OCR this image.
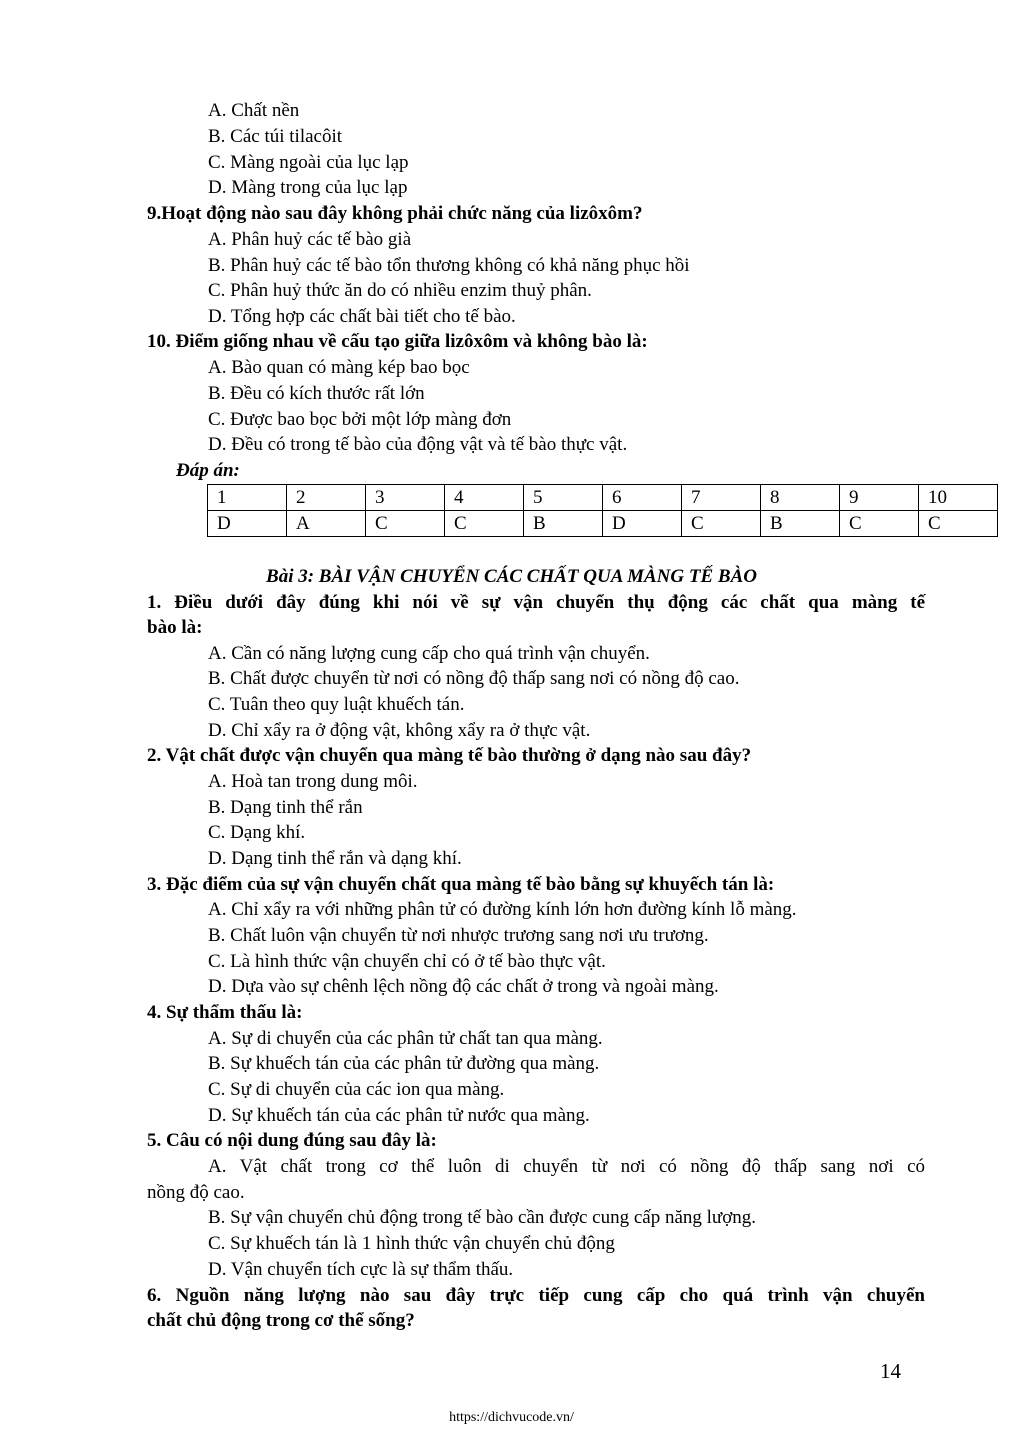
A. Chất nền
B. Các túi tilacôit
C. Màng ngoài của lục lạp
D. Màng trong của lục lạp
9.Hoạt động nào sau đây không phải chức năng của lizôxôm?
A. Phân huỷ các tế bào già
B. Phân huỷ các tế bào tổn thương không có khả năng phục hồi
C. Phân huỷ thức ăn do có nhiều enzim thuỷ phân.
D. Tổng hợp các chất bài tiết cho tế bào.
10. Điểm giống nhau về cấu tạo giữa lizôxôm và không bào là:
A. Bào quan có màng kép bao bọc
B. Đều có kích thước rất lớn
C. Được bao bọc bởi một lớp màng đơn
D. Đều có trong tế bào của động vật và tế bào thực vật.
Đáp án:
1	2	3	4	5	6	7	8	9	10
D	A	C	C	B	D	C	B	C	C
Bài 3: BÀI VẬN CHUYỂN CÁC CHẤT QUA MÀNG TẾ BÀO
1. Điều dưới đây đúng khi nói về sự vận chuyển thụ động các chất qua màng tế
bào là:
A. Cần có năng lượng cung cấp cho quá trình vận chuyển.
B. Chất được chuyển từ nơi có nồng độ thấp sang nơi có nồng độ cao.
C. Tuân theo quy luật khuếch tán.
D. Chỉ xẩy ra ở động vật, không xẩy ra ở thực vật.
2. Vật chất được vận chuyển qua màng tế bào thường ở dạng nào sau đây?
A. Hoà tan trong dung môi.
B. Dạng tinh thể rắn
C. Dạng khí.
D. Dạng tinh thể rắn và dạng khí.
3. Đặc điểm của sự vận chuyển chất qua màng tế bào bằng sự khuyếch tán là:
A. Chỉ xẩy ra với những phân tử có đường kính lớn hơn đường kính lỗ màng.
B. Chất luôn vận chuyển từ nơi nhược trương sang nơi ưu trương.
C. Là hình thức vận chuyển chỉ có ở tế bào thực vật.
D. Dựa vào sự chênh lệch nồng độ các chất ở trong và ngoài màng.
4. Sự thẩm thấu là:
A. Sự di chuyển của các phân tử chất tan qua màng.
B. Sự khuếch tán của các phân tử đường qua màng.
C. Sự di chuyển của các ion qua màng.
D. Sự khuếch tán của các phân tử nước qua màng.
5. Câu có nội dung đúng sau đây là:
A. Vật chất trong cơ thể luôn di chuyển từ nơi có nồng độ thấp sang nơi có
nồng độ cao.
B. Sự vận chuyển chủ động trong tế bào cần được cung cấp năng lượng.
C. Sự khuếch tán là 1 hình thức vận chuyển chủ động
D. Vận chuyển tích cực là sự thẩm thấu.
6. Nguồn năng lượng nào sau đây trực tiếp cung cấp cho quá trình vận chuyển
chất chủ động trong cơ thể sống?
14
https://dichvucode.vn/
